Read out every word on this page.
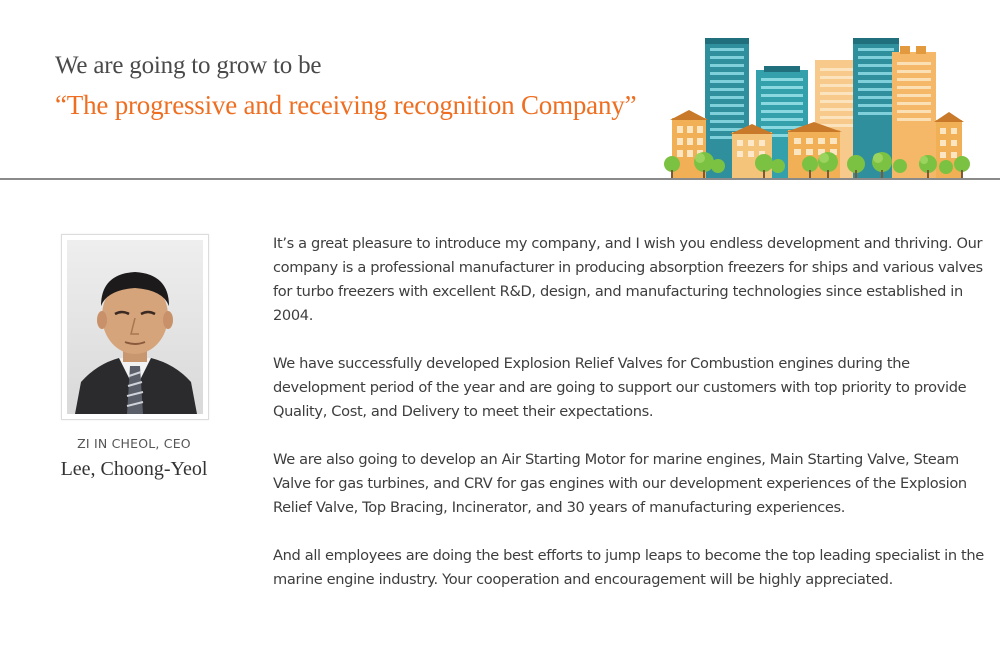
We are going to grow to be
“The progressive and receiving recognition Company”
ZI IN CHEOL, CEO
Lee, Choong-Yeol

It’s a great pleasure to introduce my company, and I wish you endless development and thriving. Our company is a professional manufacturer in producing absorption freezers for ships and various valves for turbo freezers with excellent R&D, design, and manufacturing technologies since established in 2004.

We have successfully developed Explosion Relief Valves for Combustion engines during the development period of the year and are going to support our customers with top priority to provide Quality, Cost, and Delivery to meet their expectations.

We are also going to develop an Air Starting Motor for marine engines, Main Starting Valve, Steam Valve for gas turbines, and CRV for gas engines with our development experiences of the Explosion Relief Valve, Top Bracing, Incinerator, and 30 years of manufacturing experiences.

And all employees are doing the best efforts to jump leaps to become the top leading specialist in the marine engine industry. Your cooperation and encouragement will be highly appreciated.
